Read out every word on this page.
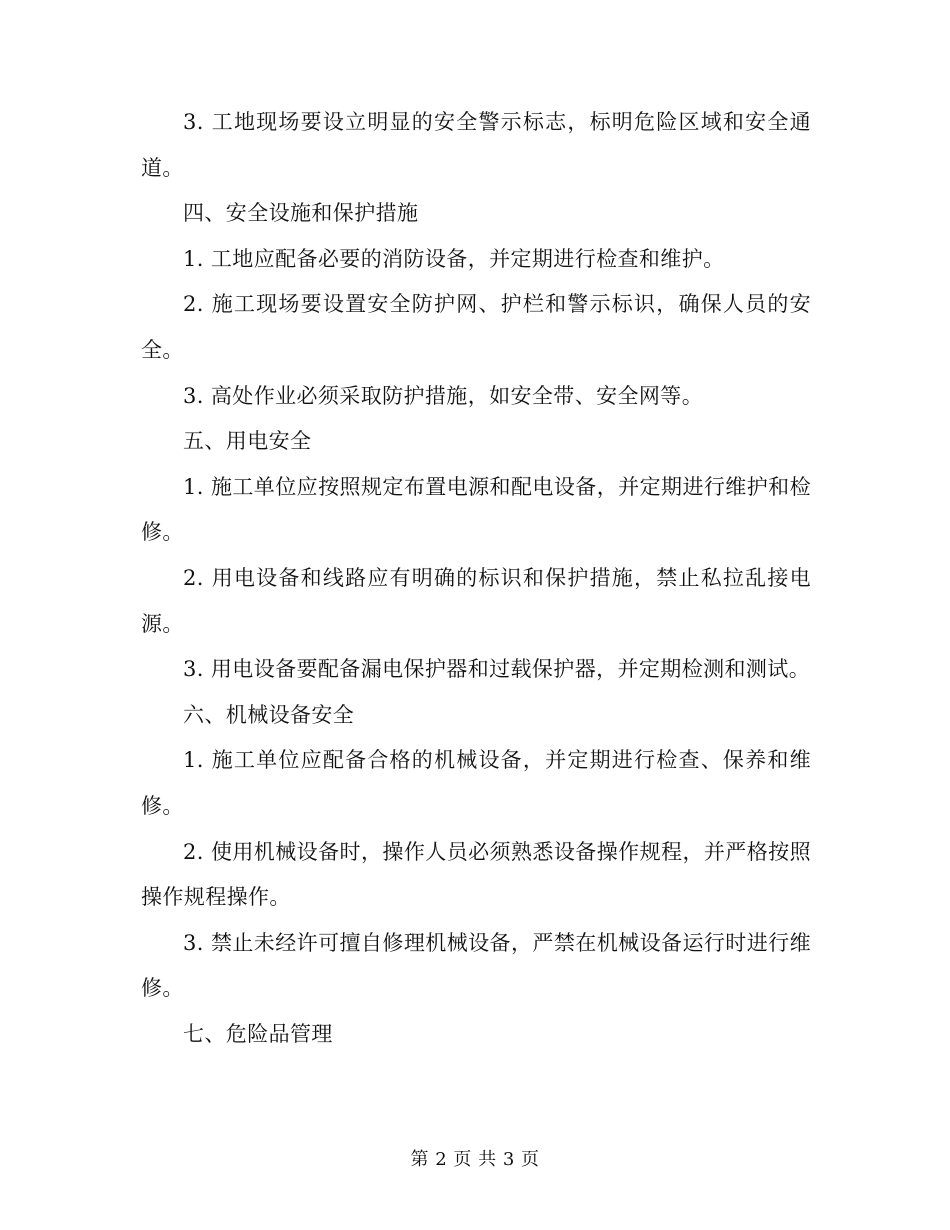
3. 工地现场要设立明显的安全警示标志，标明危险区域和安全通道。

四、安全设施和保护措施

1. 工地应配备必要的消防设备，并定期进行检查和维护。

2. 施工现场要设置安全防护网、护栏和警示标识，确保人员的安全。

3. 高处作业必须采取防护措施，如安全带、安全网等。

五、用电安全

1. 施工单位应按照规定布置电源和配电设备，并定期进行维护和检修。

2. 用电设备和线路应有明确的标识和保护措施，禁止私拉乱接电源。

3. 用电设备要配备漏电保护器和过载保护器，并定期检测和测试。

六、机械设备安全

1. 施工单位应配备合格的机械设备，并定期进行检查、保养和维修。

2. 使用机械设备时，操作人员必须熟悉设备操作规程，并严格按照操作规程操作。

3. 禁止未经许可擅自修理机械设备，严禁在机械设备运行时进行维修。

七、危险品管理

第 2 页 共 3 页
